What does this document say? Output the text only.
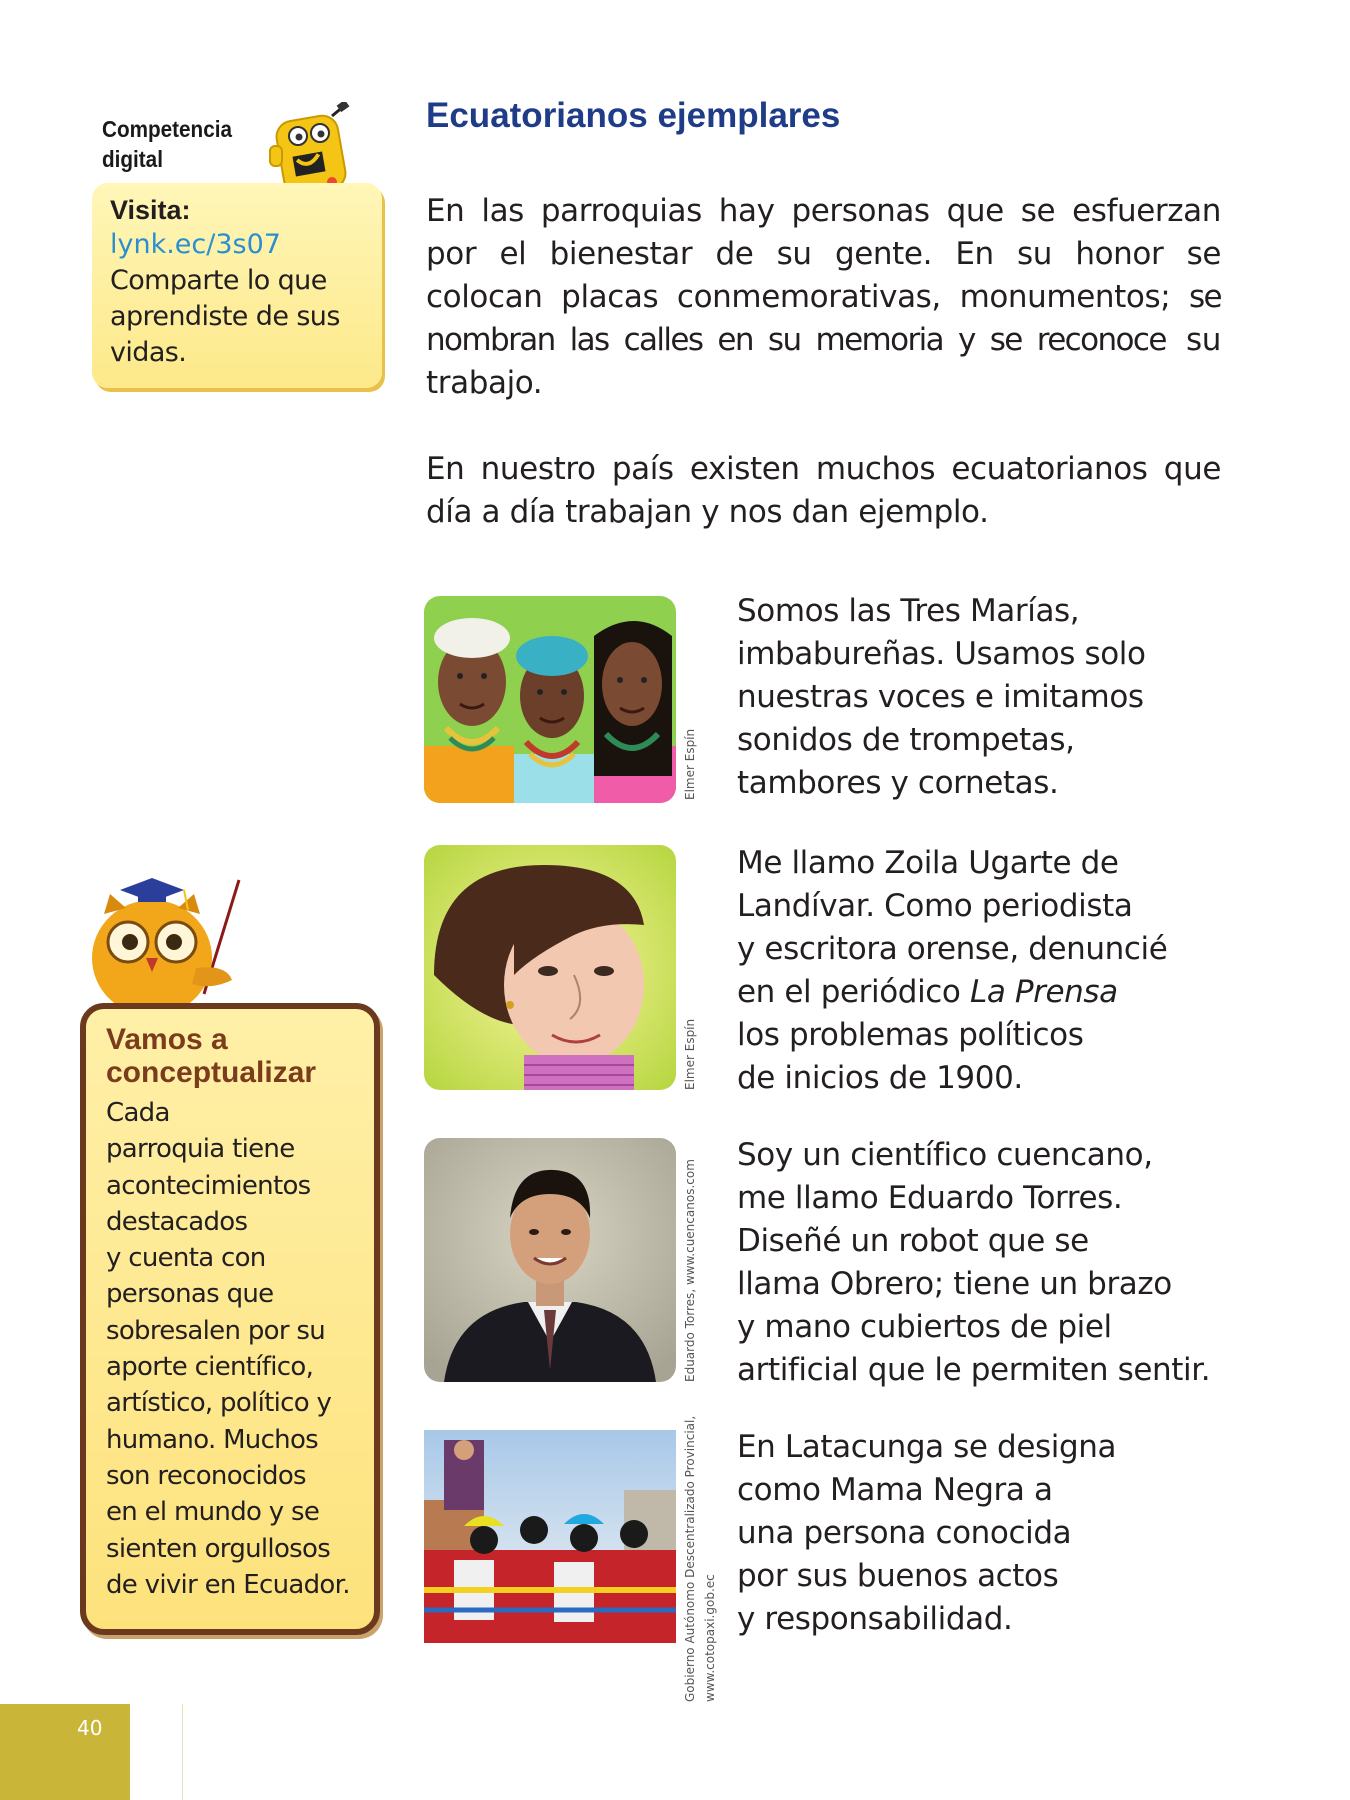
Competencia digital
Visita:
lynk.ec/3s07
Comparte lo que aprendiste de sus vidas.
Vamos a conceptualizar
Cada
parroquia tiene
acontecimientos
destacados
y cuenta con
personas que
sobresalen por su
aporte científico,
artístico, político y
humano. Muchos
son reconocidos
en el mundo y se
sienten orgullosos
de vivir en Ecuador.
40
Ecuatorianos ejemplares
En las parroquias hay personas que se esfuerzan por el bienestar de su gente. En su honor se colocan placas conmemorativas, monumentos; se nombran las calles en su memoria y se reconoce su trabajo.
En nuestro país existen muchos ecuatorianos que día a día trabajan y nos dan ejemplo.
Elmer Espín
Somos las Tres Marías,
imbabureñas. Usamos solo
nuestras voces e imitamos
sonidos de trompetas,
tambores y cornetas.
Elmer Espín
Me llamo Zoila Ugarte de
Landívar. Como periodista
y escritora orense, denuncié
en el periódico La Prensa
los problemas políticos
de inicios de 1900.
Eduardo Torres, www.cuencanos.com
Soy un científico cuencano,
me llamo Eduardo Torres.
Diseñé un robot que se
llama Obrero; tiene un brazo
y mano cubiertos de piel
artificial que le permiten sentir.
Gobierno Autónomo Descentralizado Provincial, www.cotopaxi.gob.ec
En Latacunga se designa
como Mama Negra a
una persona conocida
por sus buenos actos
y responsabilidad.
